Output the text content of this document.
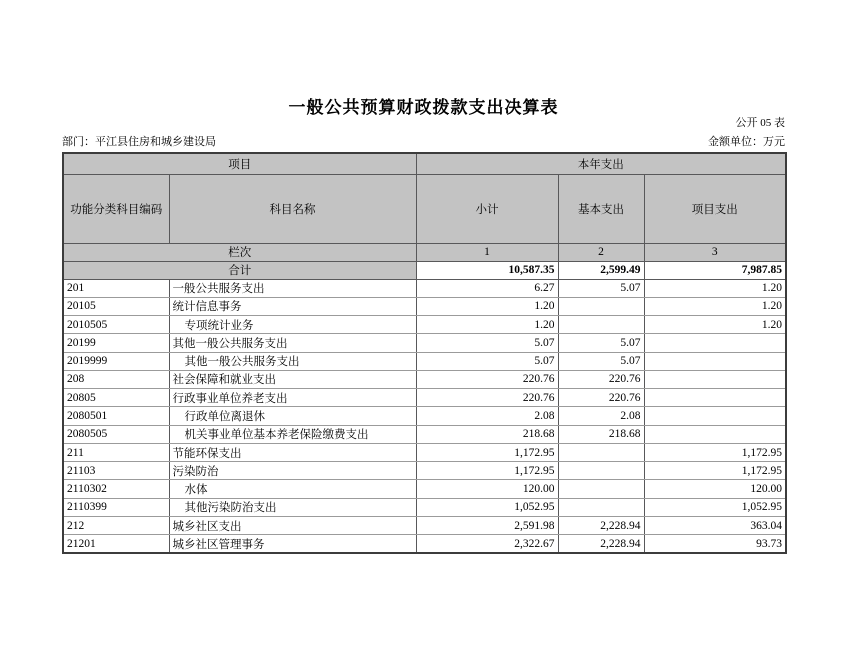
一般公共预算财政拨款支出决算表
公开 05 表
金额单位：万元
部门：平江县住房和城乡建设局
项目		本年支出		
功能分类科目编码	科目名称	小计	基本支出	项目支出
栏次		1	2	3
合计		10,587.35	2,599.49	7,987.85
201	一般公共服务支出	6.27	5.07	1.20
20105	统计信息事务	1.20		1.20
2010505	专项统计业务	1.20		1.20
20199	其他一般公共服务支出	5.07	5.07	
2019999	其他一般公共服务支出	5.07	5.07	
208	社会保障和就业支出	220.76	220.76	
20805	行政事业单位养老支出	220.76	220.76	
2080501	行政单位离退休	2.08	2.08	
2080505	机关事业单位基本养老保险缴费支出	218.68	218.68	
211	节能环保支出	1,172.95		1,172.95
21103	污染防治	1,172.95		1,172.95
2110302	水体	120.00		120.00
2110399	其他污染防治支出	1,052.95		1,052.95
212	城乡社区支出	2,591.98	2,228.94	363.04
21201	城乡社区管理事务	2,322.67	2,228.94	93.73
